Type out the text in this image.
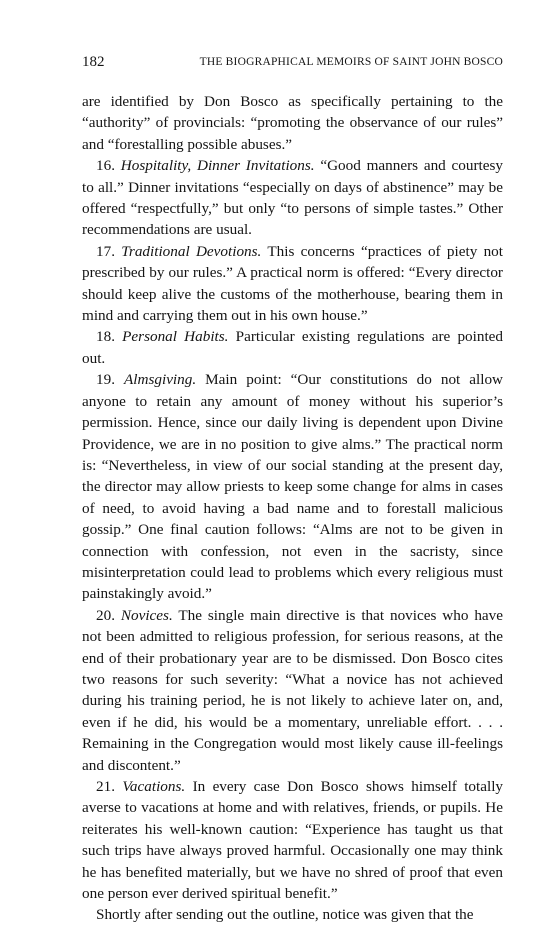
182	THE BIOGRAPHICAL MEMOIRS OF SAINT JOHN BOSCO

are identified by Don Bosco as specifically pertaining to the “authority” of provincials: “promoting the observance of our rules” and “forestalling possible abuses.”

16. Hospitality, Dinner Invitations. “Good manners and courtesy to all.” Dinner invitations “especially on days of abstinence” may be offered “respectfully,” but only “to persons of simple tastes.” Other recommendations are usual.

17. Traditional Devotions. This concerns “practices of piety not prescribed by our rules.” A practical norm is offered: “Every director should keep alive the customs of the motherhouse, bearing them in mind and carrying them out in his own house.”

18. Personal Habits. Particular existing regulations are pointed out.

19. Almsgiving. Main point: “Our constitutions do not allow anyone to retain any amount of money without his superior’s permission. Hence, since our daily living is dependent upon Divine Providence, we are in no position to give alms.” The practical norm is: “Nevertheless, in view of our social standing at the present day, the director may allow priests to keep some change for alms in cases of need, to avoid having a bad name and to forestall malicious gossip.” One final caution follows: “Alms are not to be given in connection with confession, not even in the sacristy, since misinterpretation could lead to problems which every religious must painstakingly avoid.”

20. Novices. The single main directive is that novices who have not been admitted to religious profession, for serious reasons, at the end of their probationary year are to be dismissed. Don Bosco cites two reasons for such severity: “What a novice has not achieved during his training period, he is not likely to achieve later on, and, even if he did, his would be a momentary, unreliable effort. . . . Remaining in the Congregation would most likely cause ill-feelings and discontent.”

21. Vacations. In every case Don Bosco shows himself totally averse to vacations at home and with relatives, friends, or pupils. He reiterates his well-known caution: “Experience has taught us that such trips have always proved harmful. Occasionally one may think he has benefited materially, but we have no shred of proof that even one person ever derived spiritual benefit.”

Shortly after sending out the outline, notice was given that the
